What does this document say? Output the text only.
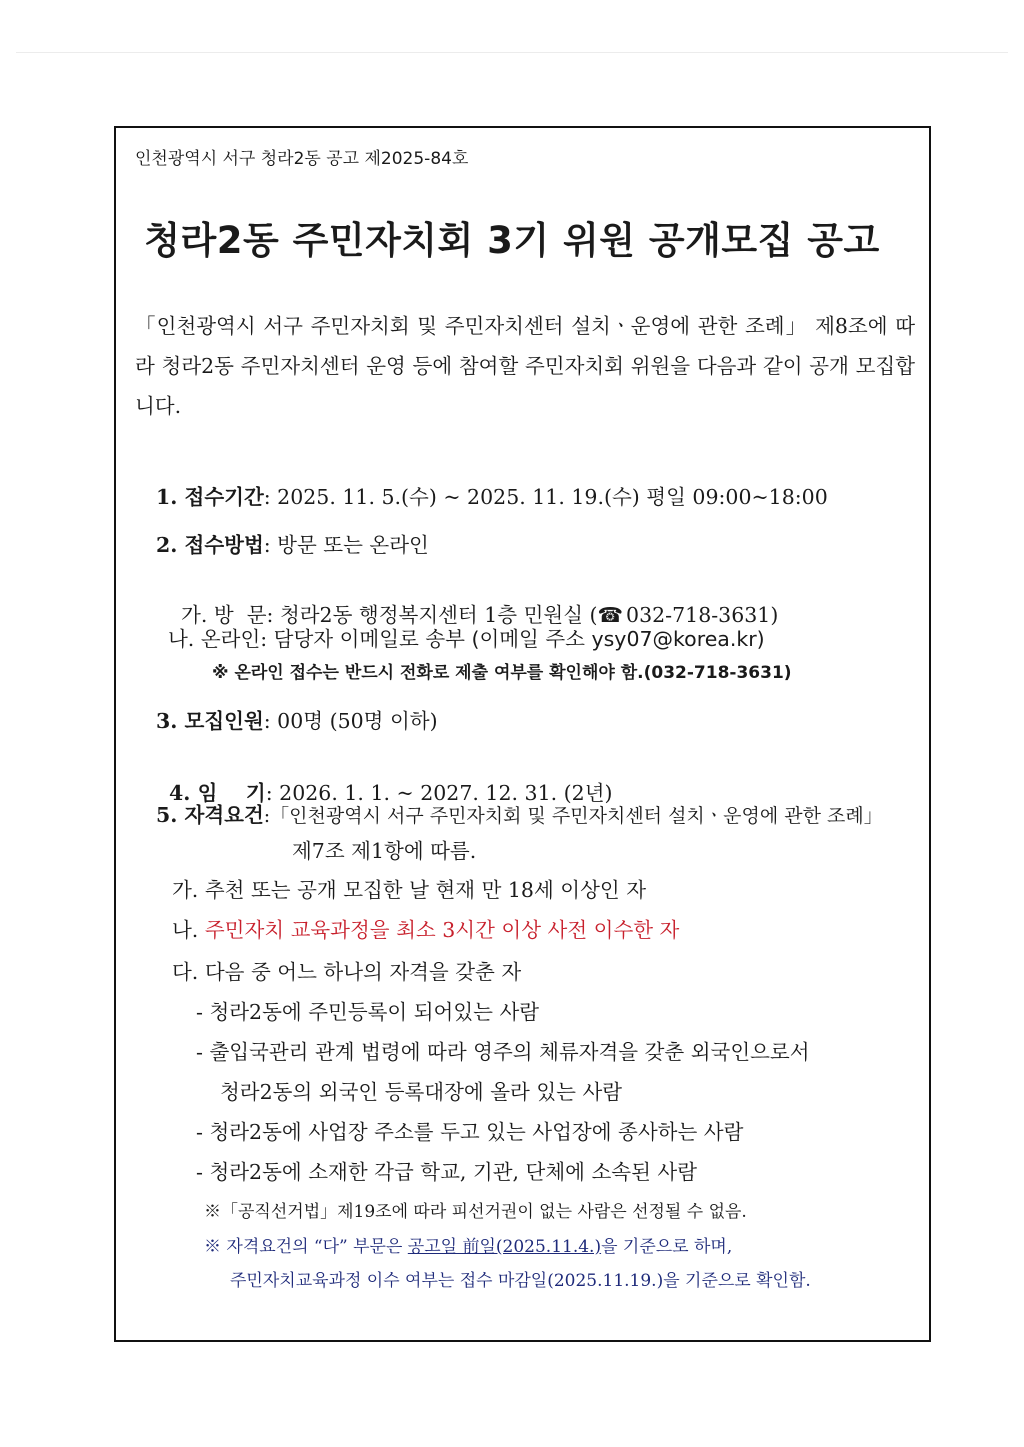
인천광역시 서구 청라2동 공고 제2025-84호
청라2동 주민자치회 3기 위원 공개모집 공고
「인천광역시 서구 주민자치회 및 주민자치센터 설치ㆍ운영에 관한 조례」 제8조에 따라 청라2동 주민자치센터 운영 등에 참여할 주민자치회 위원을 다음과 같이 공개 모집합니다.
1. 접수기간: 2025. 11. 5.(수) ~ 2025. 11. 19.(수) 평일 09:00~18:00
2. 접수방법: 방문 또는 온라인

가. 방  문: 청라2동 행정복지센터 1층 민원실 (☎ 032-718-3631)

나. 온라인: 담당자 이메일로 송부 (이메일 주소 ysy07@korea.kr)
※ 온라인 접수는 반드시 전화로 제출 여부를 확인해야 함.(032-718-3631)
3. 모집인원: 00명 (50명 이하)

4. 임    기: 2026. 1. 1. ~ 2027. 12. 31. (2년)

5. 자격요건:「인천광역시 서구 주민자치회 및 주민자치센터 설치ㆍ운영에 관한 조례」
제7조 제1항에 따름.
가. 추천 또는 공개 모집한 날 현재 만 18세 이상인 자
나. 주민자치 교육과정을 최소 3시간 이상 사전 이수한 자
다. 다음 중 어느 하나의 자격을 갖춘 자
- 청라2동에 주민등록이 되어있는 사람
- 출입국관리 관계 법령에 따라 영주의 체류자격을 갖춘 외국인으로서
청라2동의 외국인 등록대장에 올라 있는 사람
- 청라2동에 사업장 주소를 두고 있는 사업장에 종사하는 사람
- 청라2동에 소재한 각급 학교, 기관, 단체에 소속된 사람
※「공직선거법」제19조에 따라 피선거권이 없는 사람은 선정될 수 없음.
※ 자격요건의 “다” 부문은 공고일 前일(2025.11.4.)을 기준으로 하며,
주민자치교육과정 이수 여부는 접수 마감일(2025.11.19.)을 기준으로 확인함.
